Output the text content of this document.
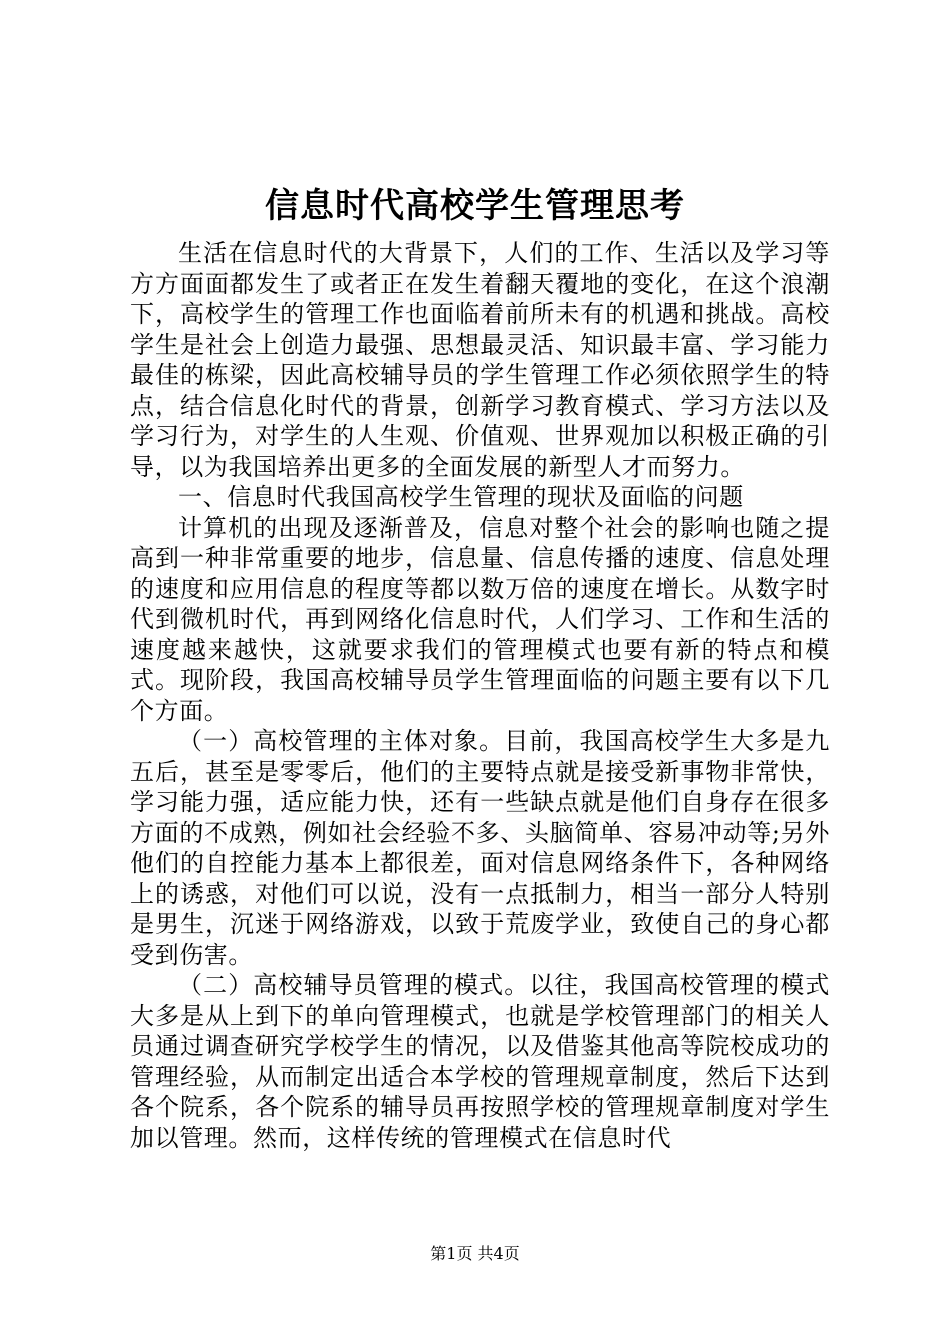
信息时代高校学生管理思考

生活在信息时代的大背景下，人们的工作、生活以及学习等方方面面都发生了或者正在发生着翻天覆地的变化，在这个浪潮下，高校学生的管理工作也面临着前所未有的机遇和挑战。高校学生是社会上创造力最强、思想最灵活、知识最丰富、学习能力最佳的栋梁，因此高校辅导员的学生管理工作必须依照学生的特点，结合信息化时代的背景，创新学习教育模式、学习方法以及学习行为，对学生的人生观、价值观、世界观加以积极正确的引导，以为我国培养出更多的全面发展的新型人才而努力。

一、信息时代我国高校学生管理的现状及面临的问题

计算机的出现及逐渐普及，信息对整个社会的影响也随之提高到一种非常重要的地步，信息量、信息传播的速度、信息处理的速度和应用信息的程度等都以数万倍的速度在增长。从数字时代到微机时代，再到网络化信息时代，人们学习、工作和生活的速度越来越快，这就要求我们的管理模式也要有新的特点和模式。现阶段，我国高校辅导员学生管理面临的问题主要有以下几个方面。

（一）高校管理的主体对象。目前，我国高校学生大多是九五后，甚至是零零后，他们的主要特点就是接受新事物非常快，学习能力强，适应能力快，还有一些缺点就是他们自身存在很多方面的不成熟，例如社会经验不多、头脑简单、容易冲动等;另外他们的自控能力基本上都很差，面对信息网络条件下，各种网络上的诱惑，对他们可以说，没有一点抵制力，相当一部分人特别是男生，沉迷于网络游戏，以致于荒废学业，致使自己的身心都受到伤害。

（二）高校辅导员管理的模式。以往，我国高校管理的模式大多是从上到下的单向管理模式，也就是学校管理部门的相关人员通过调查研究学校学生的情况，以及借鉴其他高等院校成功的管理经验，从而制定出适合本学校的管理规章制度，然后下达到各个院系，各个院系的辅导员再按照学校的管理规章制度对学生加以管理。然而，这样传统的管理模式在信息时代

第1页 共4页
